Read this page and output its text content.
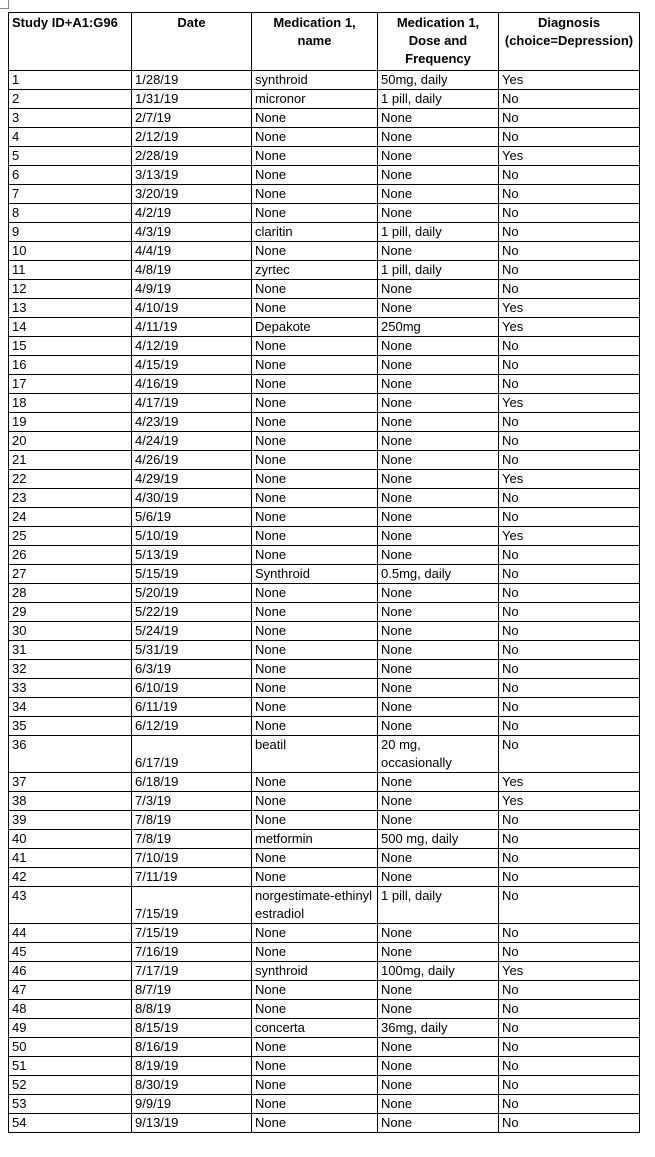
Study ID+A1:G96	Date	Medication 1, name	Medication 1, Dose and Frequency	Diagnosis (choice=Depression)
1	1/28/19	synthroid	50mg, daily	Yes
2	1/31/19	micronor	1 pill, daily	No
3	2/7/19	None	None	No
4	2/12/19	None	None	No
5	2/28/19	None	None	Yes
6	3/13/19	None	None	No
7	3/20/19	None	None	No
8	4/2/19	None	None	No
9	4/3/19	claritin	1 pill, daily	No
10	4/4/19	None	None	No
11	4/8/19	zyrtec	1 pill, daily	No
12	4/9/19	None	None	No
13	4/10/19	None	None	Yes
14	4/11/19	Depakote	250mg	Yes
15	4/12/19	None	None	No
16	4/15/19	None	None	No
17	4/16/19	None	None	No
18	4/17/19	None	None	Yes
19	4/23/19	None	None	No
20	4/24/19	None	None	No
21	4/26/19	None	None	No
22	4/29/19	None	None	Yes
23	4/30/19	None	None	No
24	5/6/19	None	None	No
25	5/10/19	None	None	Yes
26	5/13/19	None	None	No
27	5/15/19	Synthroid	0.5mg, daily	No
28	5/20/19	None	None	No
29	5/22/19	None	None	No
30	5/24/19	None	None	No
31	5/31/19	None	None	No
32	6/3/19	None	None	No
33	6/10/19	None	None	No
34	6/11/19	None	None	No
35	6/12/19	None	None	No
36	6/17/19	beatil	20 mg, occasionally	No
37	6/18/19	None	None	Yes
38	7/3/19	None	None	Yes
39	7/8/19	None	None	No
40	7/8/19	metformin	500 mg, daily	No
41	7/10/19	None	None	No
42	7/11/19	None	None	No
43	7/15/19	norgestimate-ethinyl estradiol	1 pill, daily	No
44	7/15/19	None	None	No
45	7/16/19	None	None	No
46	7/17/19	synthroid	100mg, daily	Yes
47	8/7/19	None	None	No
48	8/8/19	None	None	No
49	8/15/19	concerta	36mg, daily	No
50	8/16/19	None	None	No
51	8/19/19	None	None	No
52	8/30/19	None	None	No
53	9/9/19	None	None	No
54	9/13/19	None	None	No
